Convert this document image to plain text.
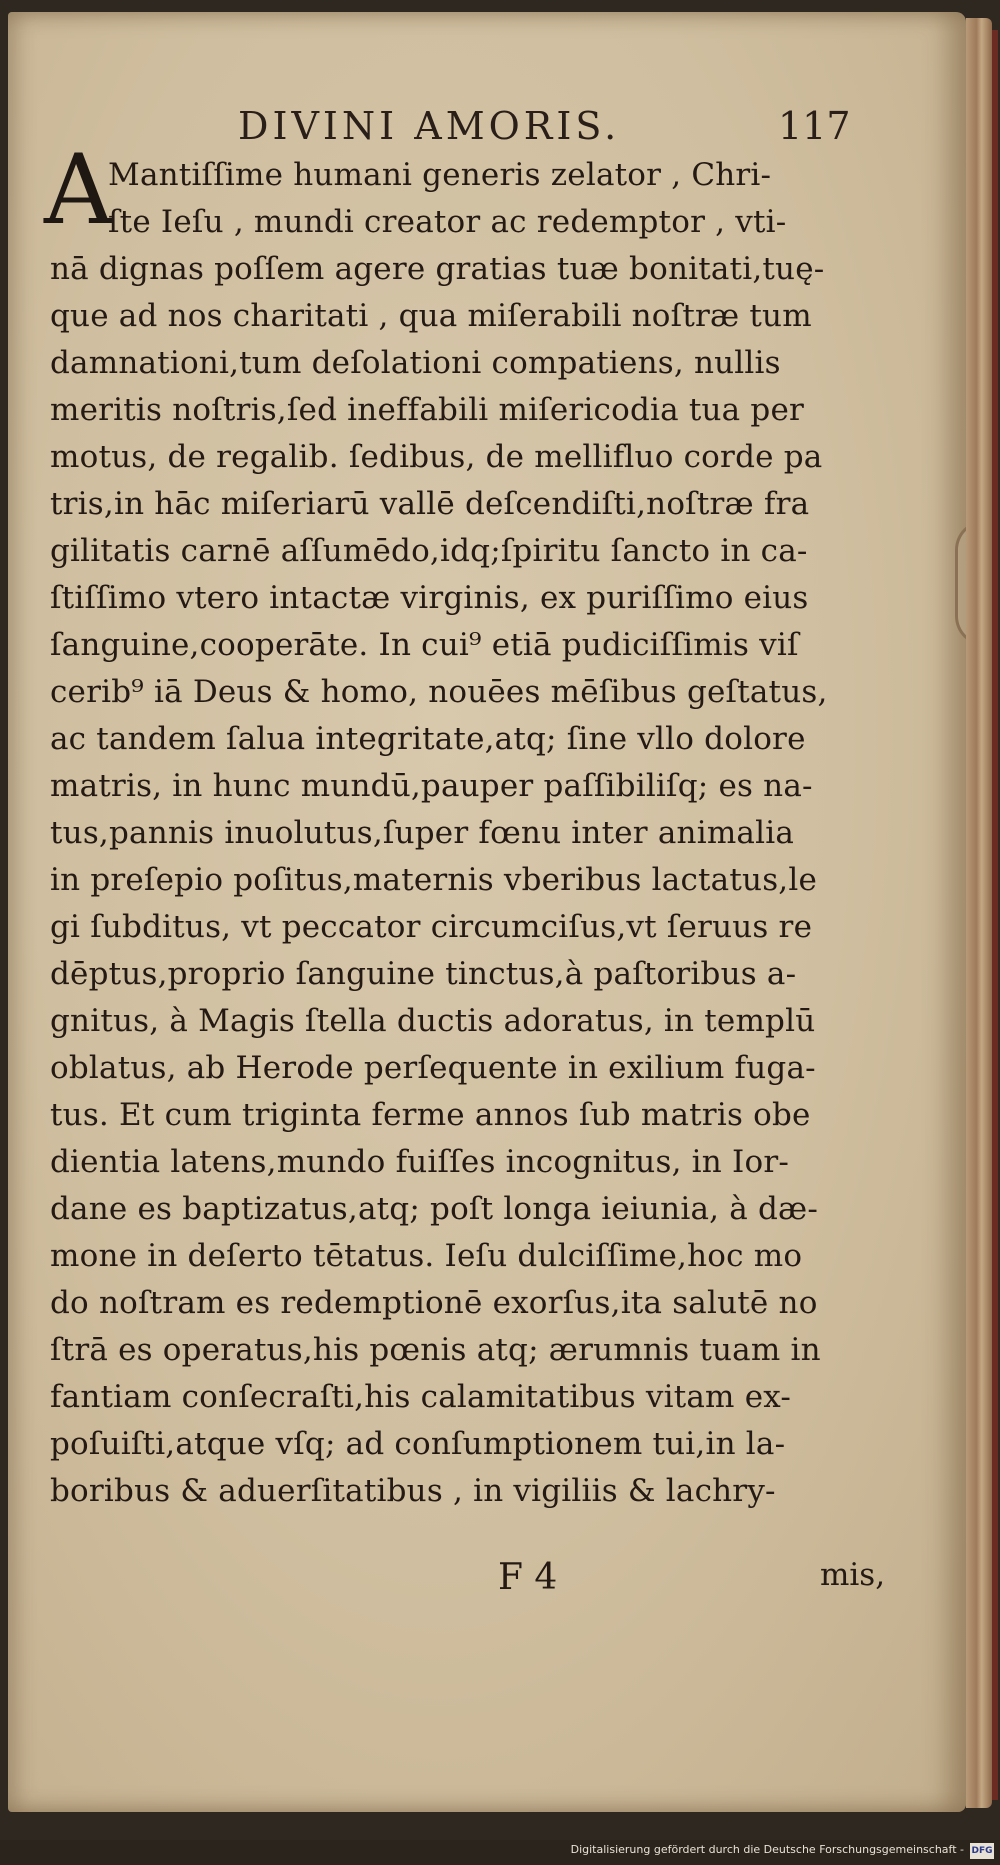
DIVINI AMORIS.	117
A
Mantiſſime humani generis zelator , Chri-
ſte Ieſu , mundi creator ac redemptor , vti-
nā dignas poſſem agere gratias tuæ bonitati,tuę-
que ad nos charitati , qua miſerabili noſtræ tum
damnationi,tum deſolationi compatiens, nullis
meritis noſtris,ſed ineffabili miſericodia tua per
motus, de regalib. ſedibus, de mellifluo corde pa
tris,in hāc miſeriarū vallē deſcendiſti,noſtræ fra
gilitatis carnē aſſumēdo,idq;ſpiritu ſancto in ca-
ſtiſſimo vtero intactæ virginis, ex puriſſimo eius
ſanguine,cooperāte. In cui⁹ etiā pudiciſſimis viſ
cerib⁹ iā Deus & homo, nouēes mēſibus geſtatus,
ac tandem ſalua integritate,atq; ſine vllo dolore
matris, in hunc mundū,pauper paſſibiliſq; es na-
tus,pannis inuolutus,ſuper fœnu inter animalia
in preſepio poſitus,maternis vberibus lactatus,le
gi ſubditus, vt peccator circumciſus,vt ſeruus re
dēptus,proprio ſanguine tinctus,à paſtoribus a-
gnitus, à Magis ſtella ductis adoratus, in templū
oblatus, ab Herode perſequente in exilium fuga-
tus. Et cum triginta ferme annos ſub matris obe
dientia latens,mundo fuiſſes incognitus, in Ior-
dane es baptizatus,atq; poſt longa ieiunia, à dæ-
mone in deſerto tētatus. Ieſu dulciſſime,hoc mo
do noſtram es redemptionē exorſus,ita salutē no
ſtrā es operatus,his pœnis atq; ærumnis tuam in
fantiam conſecraſti,his calamitatibus vitam ex-
poſuiſti,atque vſq; ad conſumptionem tui,in la-
boribus & aduerſitatibus , in vigiliis & lachry-
F 4	mis,
Digitalisierung gefördert durch die Deutsche Forschungsgemeinschaft - DFG
